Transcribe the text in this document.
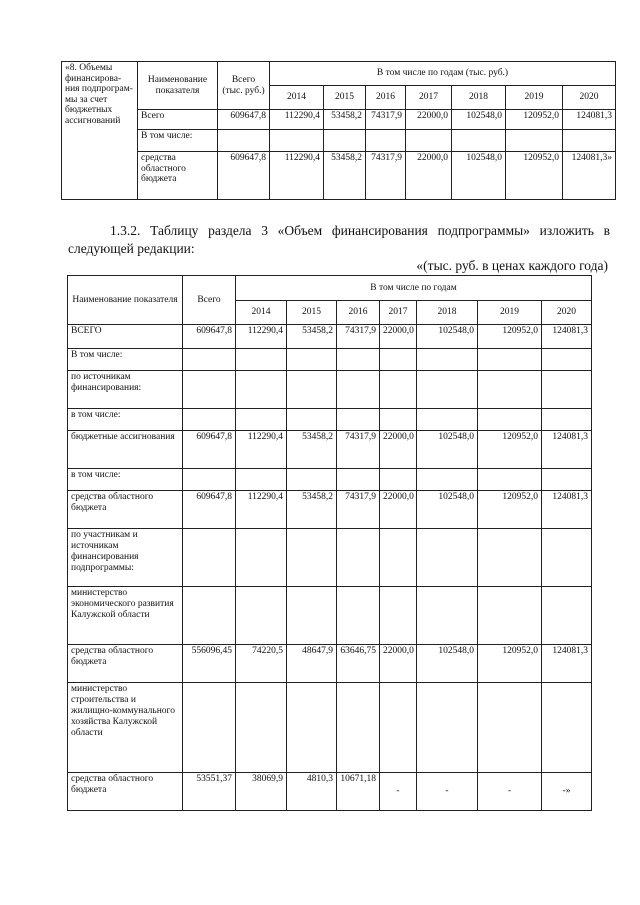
«8. Объемы финансирова-ния подпрограм-мы за счет бюджетных ассигнований	Наименование показателя	Всего (тыс. руб.)	В том числе по годам (тыс. руб.)						
			2014	2015	2016	2017	2018	2019	2020
	Всего	609647,8	112290,4	53458,2	74317,9	22000,0	102548,0	120952,0	124081,3
	В том числе:								
	средства областного бюджета	609647,8	112290,4	53458,2	74317,9	22000,0	102548,0	120952,0	124081,3»
1.3.2. Таблицу раздела 3 «Объем финансирования подпрограммы» изложить в следующей редакции:
«(тыс. руб. в ценах каждого года)
Наименование показателя	Всего	В том числе по годам						
		2014	2015	2016	2017	2018	2019	2020
ВСЕГО	609647,8	112290,4	53458,2	74317,9	22000,0	102548,0	120952,0	124081,3
В том числе:								
по источникам финансирования:								
в том числе:								
бюджетные ассигнования	609647,8	112290,4	53458,2	74317,9	22000,0	102548,0	120952,0	124081,3
в том числе:								
средства областного бюджета	609647,8	112290,4	53458,2	74317,9	22000,0	102548,0	120952,0	124081,3
по участникам и источникам финансирования подпрограммы:								
министерство экономического развития Калужской области								
средства областного бюджета	556096,45	74220,5	48647,9	63646,75	22000,0	102548,0	120952,0	124081,3
министерство строительства и жилищно-коммунального хозяйства Калужской области								
средства областного бюджета	53551,37	38069,9	4810,3	10671,18	-	-	-	-»
